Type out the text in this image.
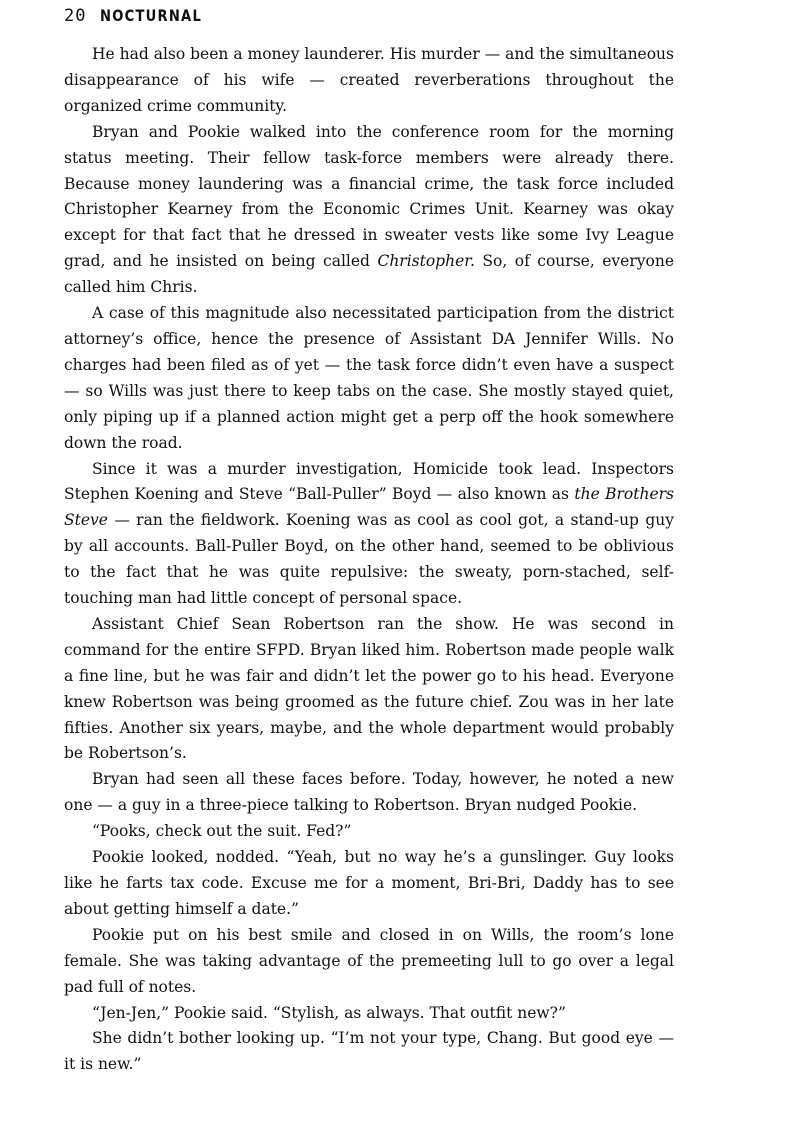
20 NOCTURNAL

He had also been a money launderer. His murder — and the simultaneous disappearance of his wife — created reverberations throughout the organized crime community.

Bryan and Pookie walked into the conference room for the morning status meeting. Their fellow task-force members were already there. Because money laundering was a financial crime, the task force included Christopher Kearney from the Economic Crimes Unit. Kearney was okay except for that fact that he dressed in sweater vests like some Ivy League grad, and he insisted on being called Christopher. So, of course, everyone called him Chris.

A case of this magnitude also necessitated participation from the district attorney’s office, hence the presence of Assistant DA Jennifer Wills. No charges had been filed as of yet — the task force didn’t even have a suspect — so Wills was just there to keep tabs on the case. She mostly stayed quiet, only piping up if a planned action might get a perp off the hook somewhere down the road.

Since it was a murder investigation, Homicide took lead. Inspectors Stephen Koening and Steve “Ball-Puller” Boyd — also known as the Brothers Steve — ran the fieldwork. Koening was as cool as cool got, a stand-up guy by all accounts. Ball-Puller Boyd, on the other hand, seemed to be oblivious to the fact that he was quite repulsive: the sweaty, porn-stached, self-touching man had little concept of personal space.

Assistant Chief Sean Robertson ran the show. He was second in command for the entire SFPD. Bryan liked him. Robertson made people walk a fine line, but he was fair and didn’t let the power go to his head. Everyone knew Robertson was being groomed as the future chief. Zou was in her late fifties. Another six years, maybe, and the whole department would probably be Robertson’s.

Bryan had seen all these faces before. Today, however, he noted a new one — a guy in a three-piece talking to Robertson. Bryan nudged Pookie.

“Pooks, check out the suit. Fed?”

Pookie looked, nodded. “Yeah, but no way he’s a gunslinger. Guy looks like he farts tax code. Excuse me for a moment, Bri-Bri, Daddy has to see about getting himself a date.”

Pookie put on his best smile and closed in on Wills, the room’s lone female. She was taking advantage of the premeeting lull to go over a legal pad full of notes.

“Jen-Jen,” Pookie said. “Stylish, as always. That outfit new?”

She didn’t bother looking up. “I’m not your type, Chang. But good eye — it is new.”
